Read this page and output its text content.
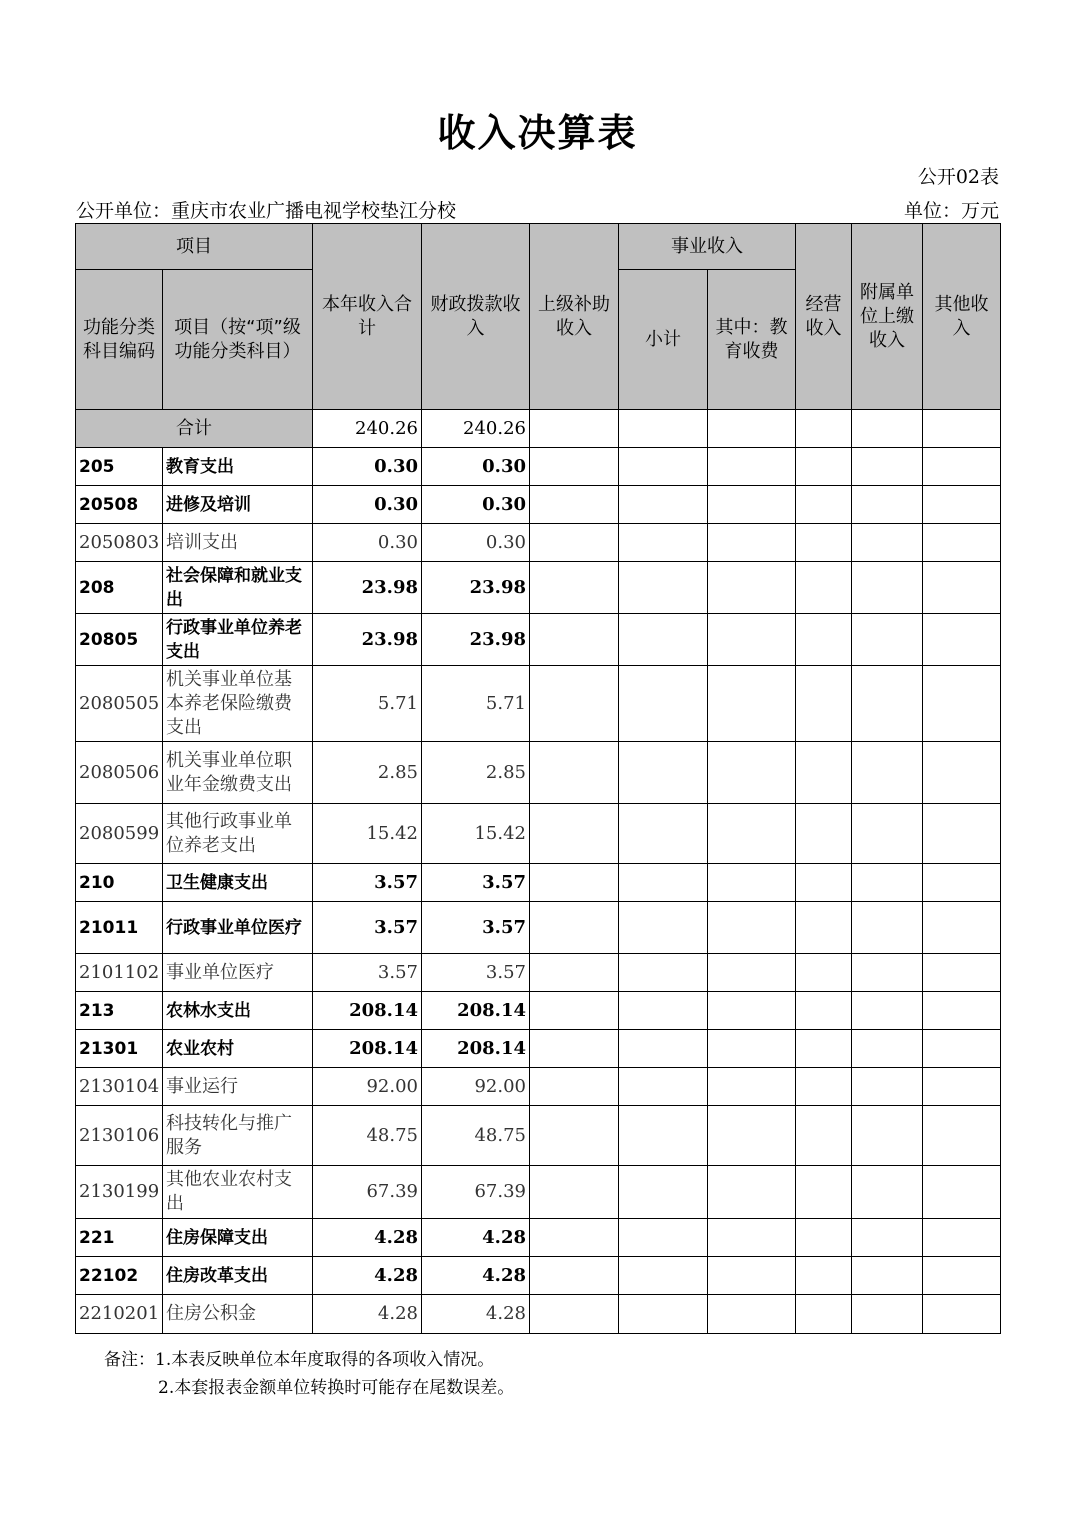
收入决算表
公开02表
公开单位：重庆市农业广播电视学校垫江分校	单位：万元
项目		本年收入合计	财政拨款收入	上级补助收入	事业收入		经营收入	附属单位上缴收入	其他收入
功能分类科目编码	项目（按“项”级功能分类科目）				小计	其中：教育收费			
合计		240.26	240.26						
205	教育支出	0.30	0.30						
20508	进修及培训	0.30	0.30						
2050803	培训支出	0.30	0.30						
208	社会保障和就业支出	23.98	23.98						
20805	行政事业单位养老支出	23.98	23.98						
2080505	机关事业单位基本养老保险缴费支出	5.71	5.71						
2080506	机关事业单位职业年金缴费支出	2.85	2.85						
2080599	其他行政事业单位养老支出	15.42	15.42						
210	卫生健康支出	3.57	3.57						
21011	行政事业单位医疗	3.57	3.57						
2101102	事业单位医疗	3.57	3.57						
213	农林水支出	208.14	208.14						
21301	农业农村	208.14	208.14						
2130104	事业运行	92.00	92.00						
2130106	科技转化与推广服务	48.75	48.75						
2130199	其他农业农村支出	67.39	67.39						
221	住房保障支出	4.28	4.28						
22102	住房改革支出	4.28	4.28						
2210201	住房公积金	4.28	4.28						
备注：1.本表反映单位本年度取得的各项收入情况。
2.本套报表金额单位转换时可能存在尾数误差。
